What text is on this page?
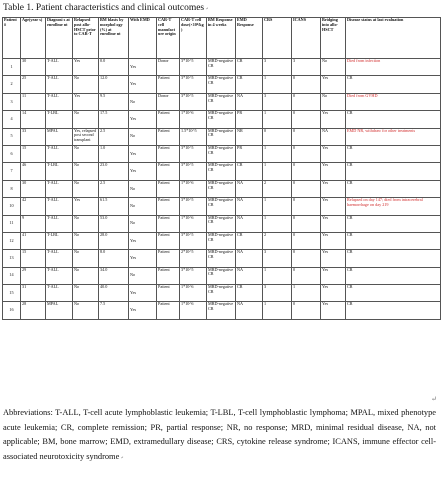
Table 1. Patient characteristics and clinical outcomes↵
Patient #	Age(year s)	Diagnosi s at enrollme nt	Relapsed post allo-HSCT prior to CAR-T	BM blasts by morphol ogy (%) at enrollme nt	With EMD	CAR-T cell manufact ure origin	CAR-T cell dose(×10⁶/kg)	BM Response in 4 weeks	EMD Response	CRS	ICANS	Bridging into allo-HSCT	Disease status at last evaluation
1	30	T-ALL	Yes	0.0	Yes	Donor	3*10^5	MRD-negative CR	CR	3	3	No	Died from infection
2	25	T-ALL	No	12.0	Yes	Patient	3*10^5	MRD-negative CR	CR	1	0	Yes	CR
3	11	T-ALL	Yes	9.5	No	Donor	3*10^5	MRD-negative CR	NA	3	0	No	Died from GVHD
4	14	T-LBL	No	17.5	Yes	Patient	1*10^6	MRD-negative CR	PR	1	0	Yes	CR
5	33	MPAL	Yes, relapsed post second transplant	2.5	No	Patient	1.5*10^5	MRD-negative CR	NR	0	0	NA	EMD NR, withdraw for other treatments
6	15	T-ALL	No	1.0	Yes	Patient	3*10^5	MRD-negative CR	PR	1	0	Yes	CR
7	46	T-LBL	No	23.0	Yes	Patient	3*10^5	MRD-negative CR	CR	1	0	Yes	CR
8	30	T-ALL	No	2.5	No	Patient	1*10^6	MRD-negative CR	NA	2	0	Yes	CR
10	42	T-ALL	Yes	61.5	No	Patient	3*10^5	MRD-negative CR	NA	1	0	Yes	Relapsed on day 147; died from intracerebral haemorrhage on day 219
11	9	T-ALL	No	53.0	No	Patient	1*10^6	MRD-negative CR	NA	1	0	Yes	CR
12	41	T-LBL	No	28.0	Yes	Patient	3*10^5	MRD-negative CR	CR	2	0	Yes	CR
13	15	T-ALL	No	8.0	Yes	Patient	2*10^5	MRD-negative CR	NA	3	0	Yes	CR
14	29	T-ALL	No	34.0	No	Patient	3*10^5	MRD-negative CR	NA	1	0	Yes	CR
15	31	T-ALL	No	40.0	Yes	Patient	1*10^6	MRD-negative CR	CR	3	1	Yes	CR
16	28	MPAL	No	7.5	Yes	Patient	1*10^6	MRD-negative CR	NA	1	0	Yes	CR
↵
Abbreviations: T-ALL, T-cell acute lymphoblastic leukemia; T-LBL, T-cell lymphoblastic lymphoma; MPAL, mixed phenotype acute leukemia; CR, complete remission; PR, partial response; NR, no response; MRD, minimal residual disease, NA, not applicable; BM, bone marrow; EMD, extramedullary disease; CRS, cytokine release syndrome; ICANS, immune effector cell-associated neurotoxicity syndrome↵
